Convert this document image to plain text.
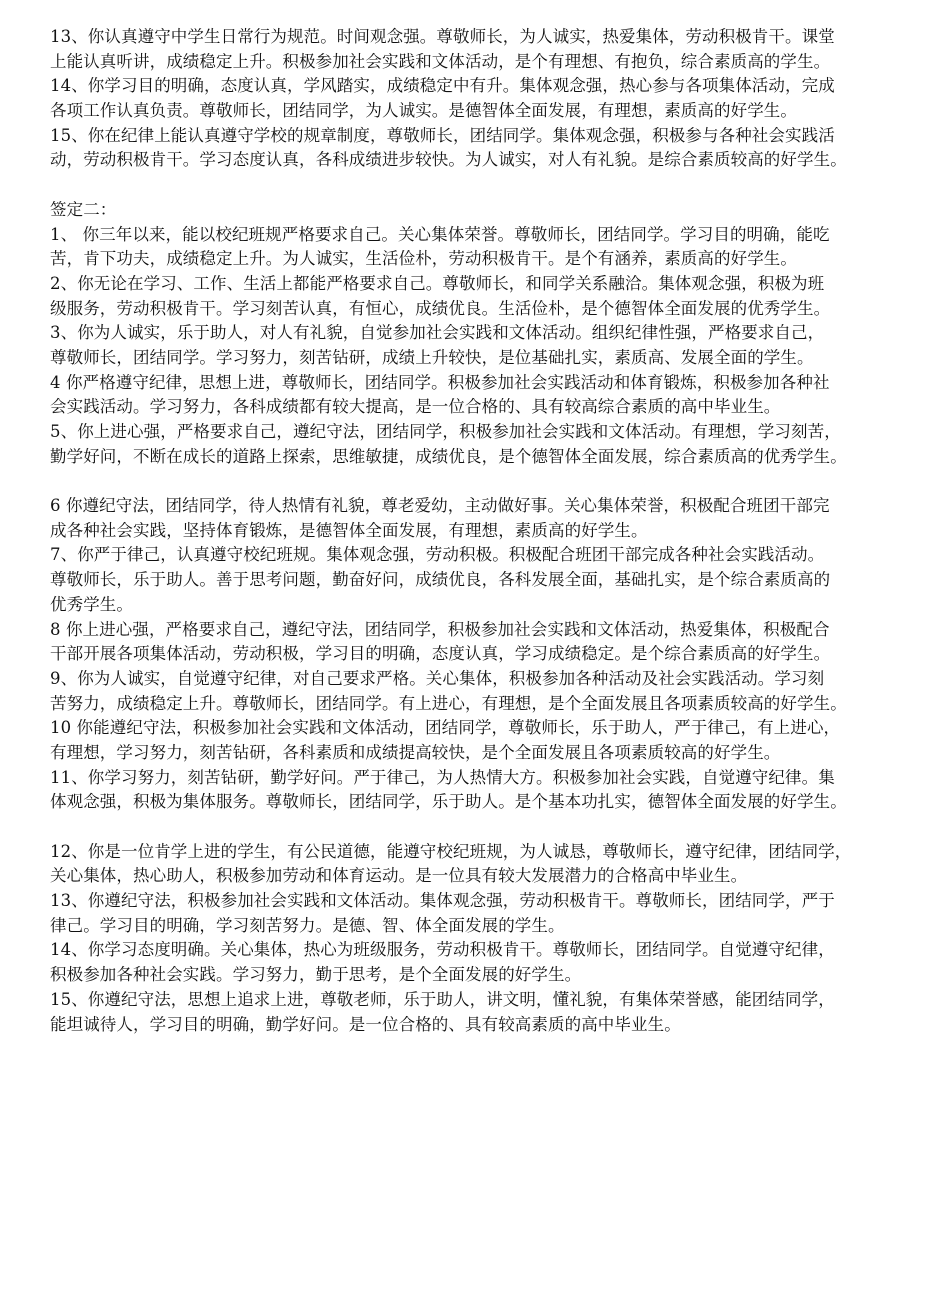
13、你认真遵守中学生日常行为规范。时间观念强。尊敬师长，为人诚实，热爱集体，劳动积极肯干。课堂
上能认真听讲，成绩稳定上升。积极参加社会实践和文体活动，是个有理想、有抱负，综合素质高的学生。
14、你学习目的明确，态度认真，学风踏实，成绩稳定中有升。集体观念强，热心参与各项集体活动，完成
各项工作认真负责。尊敬师长，团结同学，为人诚实。是德智体全面发展，有理想，素质高的好学生。
15、你在纪律上能认真遵守学校的规章制度，尊敬师长，团结同学。集体观念强，积极参与各种社会实践活
动，劳动积极肯干。学习态度认真，各科成绩进步较快。为人诚实，对人有礼貌。是综合素质较高的好学生。
签定二：
1、 你三年以来，能以校纪班规严格要求自己。关心集体荣誉。尊敬师长，团结同学。学习目的明确，能吃
苦，肯下功夫，成绩稳定上升。为人诚实，生活俭朴，劳动积极肯干。是个有涵养，素质高的好学生。
2、你无论在学习、工作、生活上都能严格要求自己。尊敬师长，和同学关系融洽。集体观念强，积极为班
级服务，劳动积极肯干。学习刻苦认真，有恒心，成绩优良。生活俭朴，是个德智体全面发展的优秀学生。
3、你为人诚实，乐于助人，对人有礼貌，自觉参加社会实践和文体活动。组织纪律性强，严格要求自己，
尊敬师长，团结同学。学习努力，刻苦钻研，成绩上升较快，是位基础扎实，素质高、发展全面的学生。
4 你严格遵守纪律，思想上进，尊敬师长，团结同学。积极参加社会实践活动和体育锻炼，积极参加各种社
会实践活动。学习努力，各科成绩都有较大提高，是一位合格的、具有较高综合素质的高中毕业生。
5、你上进心强，严格要求自己，遵纪守法，团结同学，积极参加社会实践和文体活动。有理想，学习刻苦，
勤学好问，不断在成长的道路上探索，思维敏捷，成绩优良，是个德智体全面发展，综合素质高的优秀学生。
6 你遵纪守法，团结同学，待人热情有礼貌，尊老爱幼，主动做好事。关心集体荣誉，积极配合班团干部完
成各种社会实践，坚持体育锻炼，是德智体全面发展，有理想，素质高的好学生。
7、你严于律己，认真遵守校纪班规。集体观念强，劳动积极。积极配合班团干部完成各种社会实践活动。
尊敬师长，乐于助人。善于思考问题，勤奋好问，成绩优良，各科发展全面，基础扎实，是个综合素质高的
优秀学生。
8 你上进心强，严格要求自己，遵纪守法，团结同学，积极参加社会实践和文体活动，热爱集体，积极配合
干部开展各项集体活动，劳动积极，学习目的明确，态度认真，学习成绩稳定。是个综合素质高的好学生。
9、你为人诚实，自觉遵守纪律，对自己要求严格。关心集体，积极参加各种活动及社会实践活动。学习刻
苦努力，成绩稳定上升。尊敬师长，团结同学。有上进心，有理想，是个全面发展且各项素质较高的好学生。
10 你能遵纪守法，积极参加社会实践和文体活动，团结同学，尊敬师长，乐于助人，严于律己，有上进心，
有理想，学习努力，刻苦钻研，各科素质和成绩提高较快，是个全面发展且各项素质较高的好学生。
11、你学习努力，刻苦钻研，勤学好问。严于律己，为人热情大方。积极参加社会实践，自觉遵守纪律。集
体观念强，积极为集体服务。尊敬师长，团结同学，乐于助人。是个基本功扎实，德智体全面发展的好学生。
12、你是一位肯学上进的学生，有公民道德，能遵守校纪班规，为人诚恳，尊敬师长，遵守纪律，团结同学，
关心集体，热心助人，积极参加劳动和体育运动。是一位具有较大发展潜力的合格高中毕业生。
13、你遵纪守法，积极参加社会实践和文体活动。集体观念强，劳动积极肯干。尊敬师长，团结同学，严于
律己。学习目的明确，学习刻苦努力。是德、智、体全面发展的学生。
14、你学习态度明确。关心集体，热心为班级服务，劳动积极肯干。尊敬师长，团结同学。自觉遵守纪律，
积极参加各种社会实践。学习努力，勤于思考，是个全面发展的好学生。
15、你遵纪守法，思想上追求上进，尊敬老师，乐于助人，讲文明，懂礼貌，有集体荣誉感，能团结同学，
能坦诚待人，学习目的明确，勤学好问。是一位合格的、具有较高素质的高中毕业生。
